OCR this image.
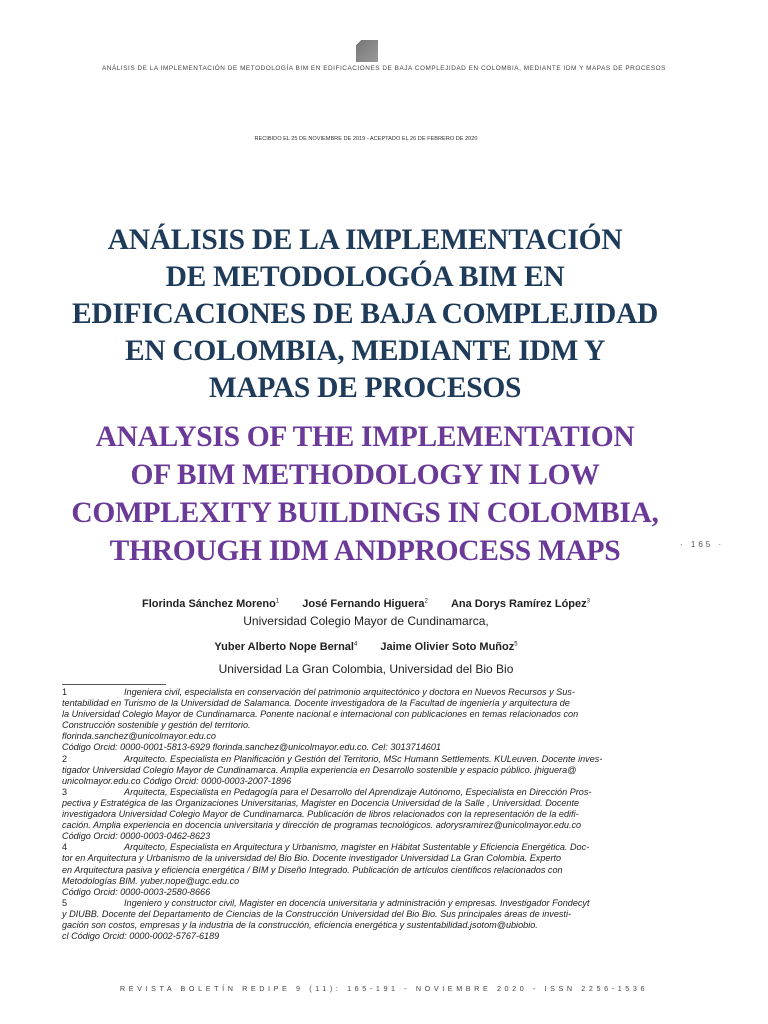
ANÁLISIS DE LA IMPLEMENTACIÓN DE METODOLOGÍA BIM EN EDIFICACIONES DE BAJA COMPLEJIDAD EN COLOMBIA, MEDIANTE IDM Y MAPAS DE PROCESOS
RECIBIDO EL 25 DE NOVIEMBRE DE 2019 - ACEPTADO EL 26 DE FEBRERO DE 2020
ANÁLISIS DE LA IMPLEMENTACIÓN
DE METODOLOGÓA BIM EN
EDIFICACIONES DE BAJA COMPLEJIDAD
EN COLOMBIA, MEDIANTE IDM Y
MAPAS DE PROCESOS
ANALYSIS OF THE IMPLEMENTATION
OF BIM METHODOLOGY IN LOW
COMPLEXITY BUILDINGS IN COLOMBIA,
THROUGH IDM ANDPROCESS MAPS	· 165 ·
Florinda Sánchez Moreno$^1$ José Fernando Higuera$^2$ Ana Dorys Ramírez López$^3$
Universidad Colegio Mayor de Cundinamarca,
Yuber Alberto Nope Bernal$^4$ Jaime Olivier Soto Muñoz$^5$
Universidad La Gran Colombia, Universidad del Bio Bio

1	Ingeniera civil, especialista en conservación del patrimonio arquitectónico y doctora en Nuevos Recursos y Sus-
tentabilidad en Turismo de la Universidad de Salamanca. Docente investigadora de la Facultad de ingeniería y arquitectura de
la Universidad Colegio Mayor de Cundinamarca. Ponente nacional e internacional con publicaciones en temas relacionados con
Construcción sostenible y gestión del territorio.
florinda.sanchez@unicolmayor.edu.co
Código Orcid: 0000-0001-5813-6929 florinda.sanchez@unicolmayor.edu.co. Cel: 3013714601

2	Arquitecto. Especialista en Planificación y Gestión del Territorio, MSc Humann Settlements. KULeuven. Docente inves-
tigador Universidad Colegio Mayor de Cundinamarca. Amplia experiencia en Desarrollo sostenible y espacio público. jhiguera@
unicolmayor.edu.co Código Orcid: 0000-0003-2007-1896

3	Arquitecta, Especialista en Pedagogía para el Desarrollo del Aprendizaje Autónomo, Especialista en Dirección Pros-
pectiva y Estratégica de las Organizaciones Universitarias, Magister en Docencia Universidad de la Salle , Universidad. Docente
investigadora Universidad Colegio Mayor de Cundinamarca. Publicación de libros relacionados con la representación de la edifi-
cación. Amplia experiencia en docencia universitaria y dirección de programas tecnológicos. adorysramirez@unicolmayor.edu.co
Código Orcid: 0000-0003-0462-8623

4	Arquitecto, Especialista en Arquitectura y Urbanismo, magister en Hábitat Sustentable y Eficiencia Energética. Doc-
tor en Arquitectura y Urbanismo de la universidad del Bio Bio. Docente investigador Universidad La Gran Colombia. Experto
en Arquitectura pasiva y eficiencia energética / BIM y Diseño Integrado. Publicación de artículos científicos relacionados con
Metodologías BIM. yuber.nope@ugc.edu.co
Código Orcid: 0000-0003-2580-8666

5	Ingeniero y constructor civil, Magister en docencia universitaria y administración y empresas. Investigador Fondecyt
y DIUBB. Docente del Departamento de Ciencias de la Construcción Universidad del Bio Bio. Sus principales áreas de investi-
gación son costos, empresas y la industria de la construcción, eficiencia energética y sustentabilidad.jsotom@ubiobio.
cl Código Orcid: 0000-0002-5767-6189

REVISTA BOLETÍN REDIPE 9 (11): 165-191 - NOVIEMBRE 2020 - ISSN 2256-1536
